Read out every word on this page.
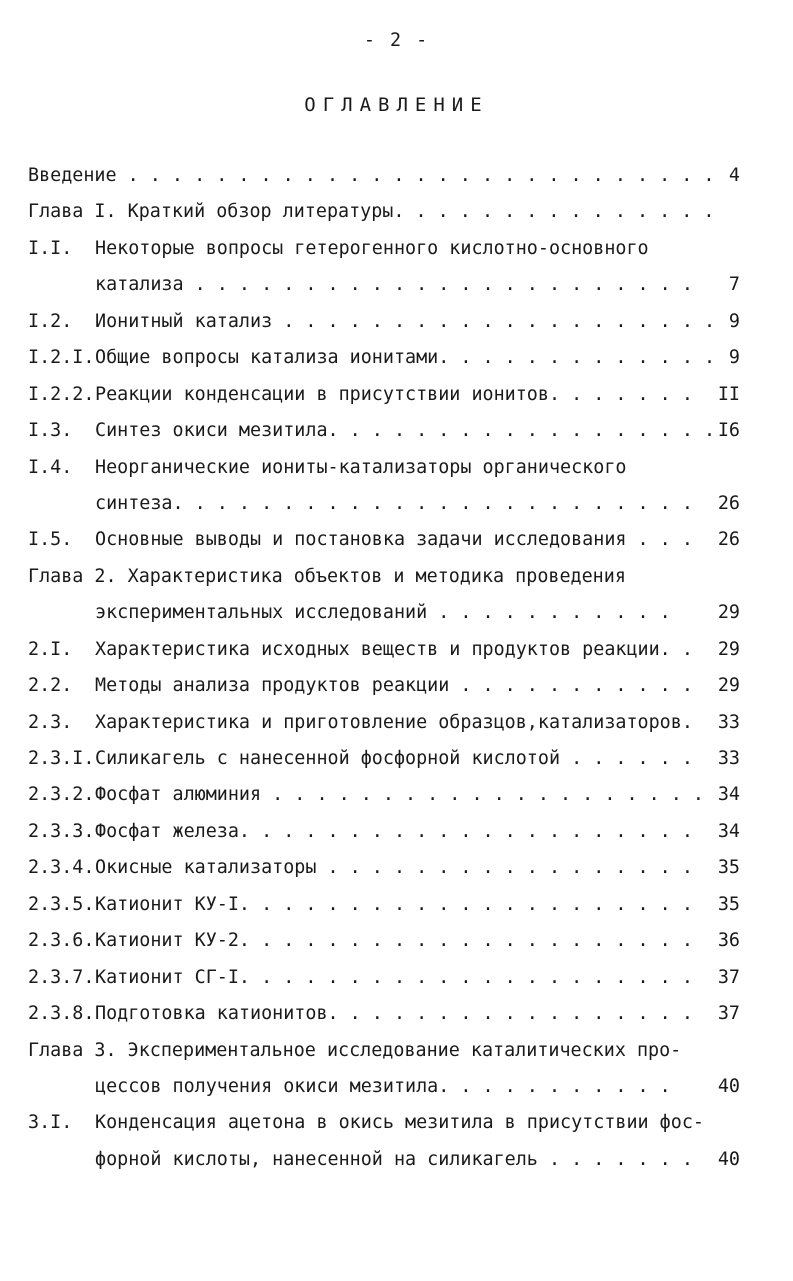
- 2 -
ОГЛАВЛЕНИЕ
Введение . . . . . . . . . . . . . . . . . . . . . . . . . . . 4
Глава I. Краткий обзор литературы. . . . . . . . . . . . . . .
I.I. Некоторые вопросы гетерогенного кислотно-основного
катализа . . . . . . . . . . . . . . . . . . . . . . . 7
I.2. Ионитный катализ . . . . . . . . . . . . . . . . . . . . 9
I.2.I. Общие вопросы катализа ионитами. . . . . . . . . . . . . 9
I.2.2. Реакции конденсации в присутствии ионитов. . . . . . . II
I.3. Синтез окиси мезитила. . . . . . . . . . . . . . . . . . I6
I.4. Неорганические иониты-катализаторы органического
синтеза. . . . . . . . . . . . . . . . . . . . . . . . 26
I.5. Основные выводы и постановка задачи исследования . . . 26
Глава 2. Характеристика объектов и методика проведения
экспериментальных исследований . . . . . . . . . . .	29
2.I. Характеристика исходных веществ и продуктов реакции. . 29
2.2. Методы анализа продуктов реакции . . . . . . . . . . . 29
2.3. Характеристика и приготовление образцов,катализаторов. 33
2.3.I. Силикагель с нанесенной фосфорной кислотой . . . . . . 33
2.3.2. Фосфат алюминия . . . . . . . . . . . . . . . . . . . . 34
2.3.3. Фосфат железа. . . . . . . . . . . . . . . . . . . . . 34
2.3.4. Окисные катализаторы . . . . . . . . . . . . . . . . . 35
2.3.5. Катионит КУ-I. . . . . . . . . . . . . . . . . . . . . 35
2.3.6. Катионит КУ-2. . . . . . . . . . . . . . . . . . . . . 36
2.3.7. Катионит СГ-I. . . . . . . . . . . . . . . . . . . . . 37
2.3.8. Подготовка катионитов. . . . . . . . . . . . . . . . . 37
Глава 3. Экспериментальное исследование каталитических про-
цессов получения окиси мезитила. . . . . . . . . . .	40
3.I. Конденсация ацетона в окись мезитила в присутствии фос-
форной кислоты, нанесенной на силикагель . . . . . . . 40
